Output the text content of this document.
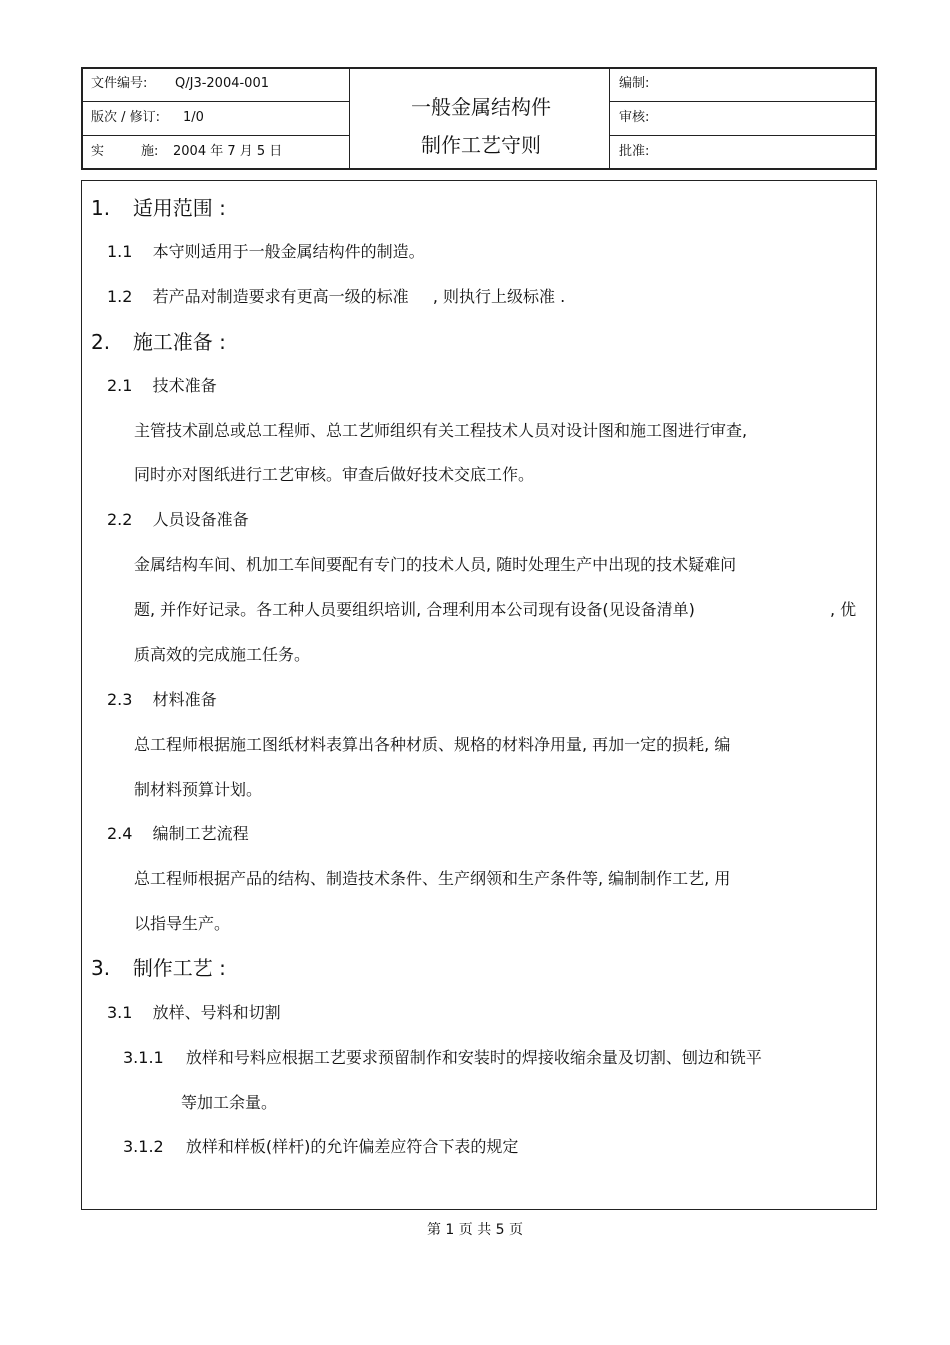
文件编号: Q/J3-2004-001
版次 / 修订: 1/0
实	施: 2004 年 7 月 5 日
一般金属结构件
制作工艺守则
编制:
审核:
批准:
1. 适用范围 :
1.1 本守则适用于一般金属结构件的制造。
1.2 若产品对制造要求有更高一级的标准 , 则执行上级标准 .
2. 施工准备 :
2.1 技术准备
主管技术副总或总工程师、总工艺师组织有关工程技术人员对设计图和施工图进行审查,
同时亦对图纸进行工艺审核。审查后做好技术交底工作。
2.2 人员设备准备
金属结构车间、机加工车间要配有专门的技术人员, 随时处理生产中出现的技术疑难问
题, 并作好记录。各工种人员要组织培训, 合理利用本公司现有设备(见设备清单)	, 优
质高效的完成施工任务。
2.3 材料准备
总工程师根据施工图纸材料表算出各种材质、规格的材料净用量, 再加一定的损耗, 编
制材料预算计划。
2.4 编制工艺流程
总工程师根据产品的结构、制造技术条件、生产纲领和生产条件等, 编制制作工艺, 用
以指导生产。
3. 制作工艺 :
3.1 放样、号料和切割
3.1.1 放样和号料应根据工艺要求预留制作和安装时的焊接收缩余量及切割、刨边和铣平
等加工余量。
3.1.2 放样和样板(样杆)的允许偏差应符合下表的规定
第 1 页 共 5 页
